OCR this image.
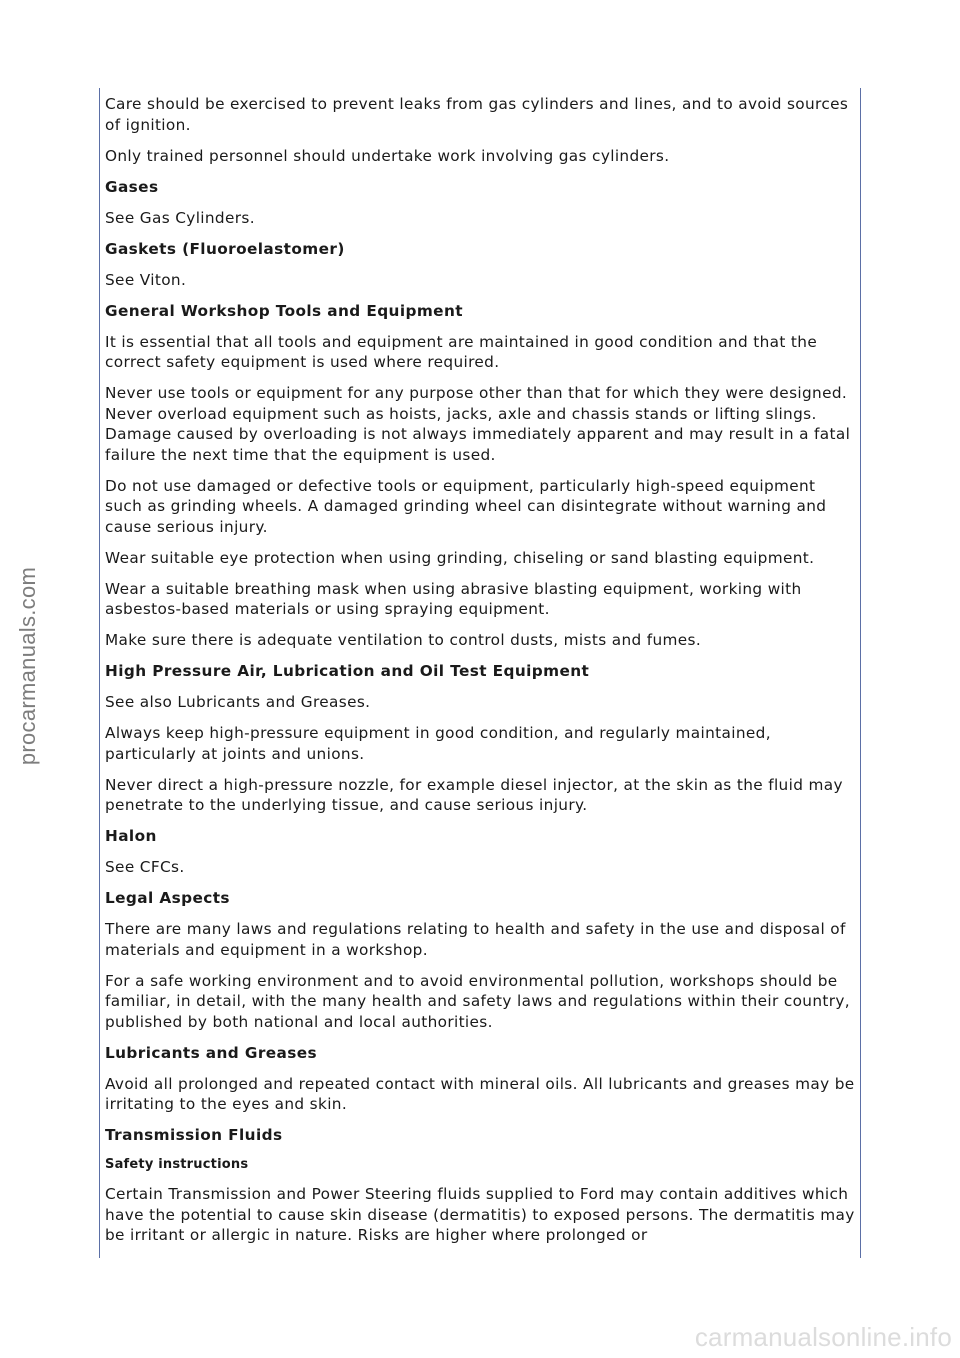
procarmanuals.com

Care should be exercised to prevent leaks from gas cylinders and lines, and to avoid sources of ignition.

Only trained personnel should undertake work involving gas cylinders.

Gases

See Gas Cylinders.

Gaskets (Fluoroelastomer)

See Viton.

General Workshop Tools and Equipment

It is essential that all tools and equipment are maintained in good condition and that the correct safety equipment is used where required.

Never use tools or equipment for any purpose other than that for which they were designed. Never overload equipment such as hoists, jacks, axle and chassis stands or lifting slings. Damage caused by overloading is not always immediately apparent and may result in a fatal failure the next time that the equipment is used.

Do not use damaged or defective tools or equipment, particularly high-speed equipment such as grinding wheels. A damaged grinding wheel can disintegrate without warning and cause serious injury.

Wear suitable eye protection when using grinding, chiseling or sand blasting equipment.

Wear a suitable breathing mask when using abrasive blasting equipment, working with asbestos-based materials or using spraying equipment.

Make sure there is adequate ventilation to control dusts, mists and fumes.

High Pressure Air, Lubrication and Oil Test Equipment

See also Lubricants and Greases.

Always keep high-pressure equipment in good condition, and regularly maintained, particularly at joints and unions.

Never direct a high-pressure nozzle, for example diesel injector, at the skin as the fluid may penetrate to the underlying tissue, and cause serious injury.

Halon

See CFCs.

Legal Aspects

There are many laws and regulations relating to health and safety in the use and disposal of materials and equipment in a workshop.

For a safe working environment and to avoid environmental pollution, workshops should be familiar, in detail, with the many health and safety laws and regulations within their country, published by both national and local authorities.

Lubricants and Greases

Avoid all prolonged and repeated contact with mineral oils. All lubricants and greases may be irritating to the eyes and skin.

Transmission Fluids

Safety instructions

Certain Transmission and Power Steering fluids supplied to Ford may contain additives which have the potential to cause skin disease (dermatitis) to exposed persons. The dermatitis may be irritant or allergic in nature. Risks are higher where prolonged or

carmanualsonline.info
